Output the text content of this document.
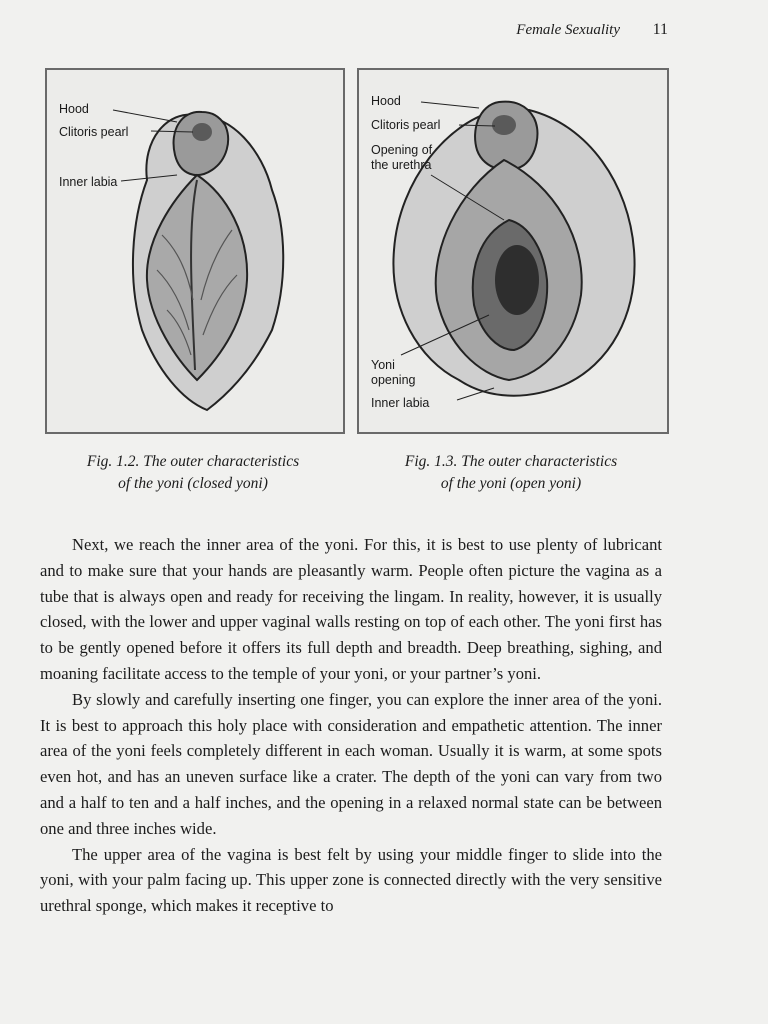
Female Sexuality 11
Hood
Clitoris pearl
Inner labia
Hood
Clitoris pearl
Opening of
the urethra
Yoni
opening
Inner labia
Fig. 1.2. The outer characteristics
of the yoni (closed yoni)
Fig. 1.3. The outer characteristics
of the yoni (open yoni)

Next, we reach the inner area of the yoni. For this, it is best to use plenty of lubricant and to make sure that your hands are pleasantly warm. People often picture the vagina as a tube that is always open and ready for receiving the lingam. In reality, however, it is usually closed, with the lower and upper vaginal walls resting on top of each other. The yoni first has to be gently opened before it offers its full depth and breadth. Deep breathing, sighing, and moaning facilitate access to the temple of your yoni, or your partner’s yoni.

By slowly and carefully inserting one finger, you can explore the inner area of the yoni. It is best to approach this holy place with consideration and empathetic attention. The inner area of the yoni feels completely different in each woman. Usually it is warm, at some spots even hot, and has an uneven surface like a crater. The depth of the yoni can vary from two and a half to ten and a half inches, and the opening in a relaxed normal state can be between one and three inches wide.

The upper area of the vagina is best felt by using your middle finger to slide into the yoni, with your palm facing up. This upper zone is connected directly with the very sensitive urethral sponge, which makes it receptive to
